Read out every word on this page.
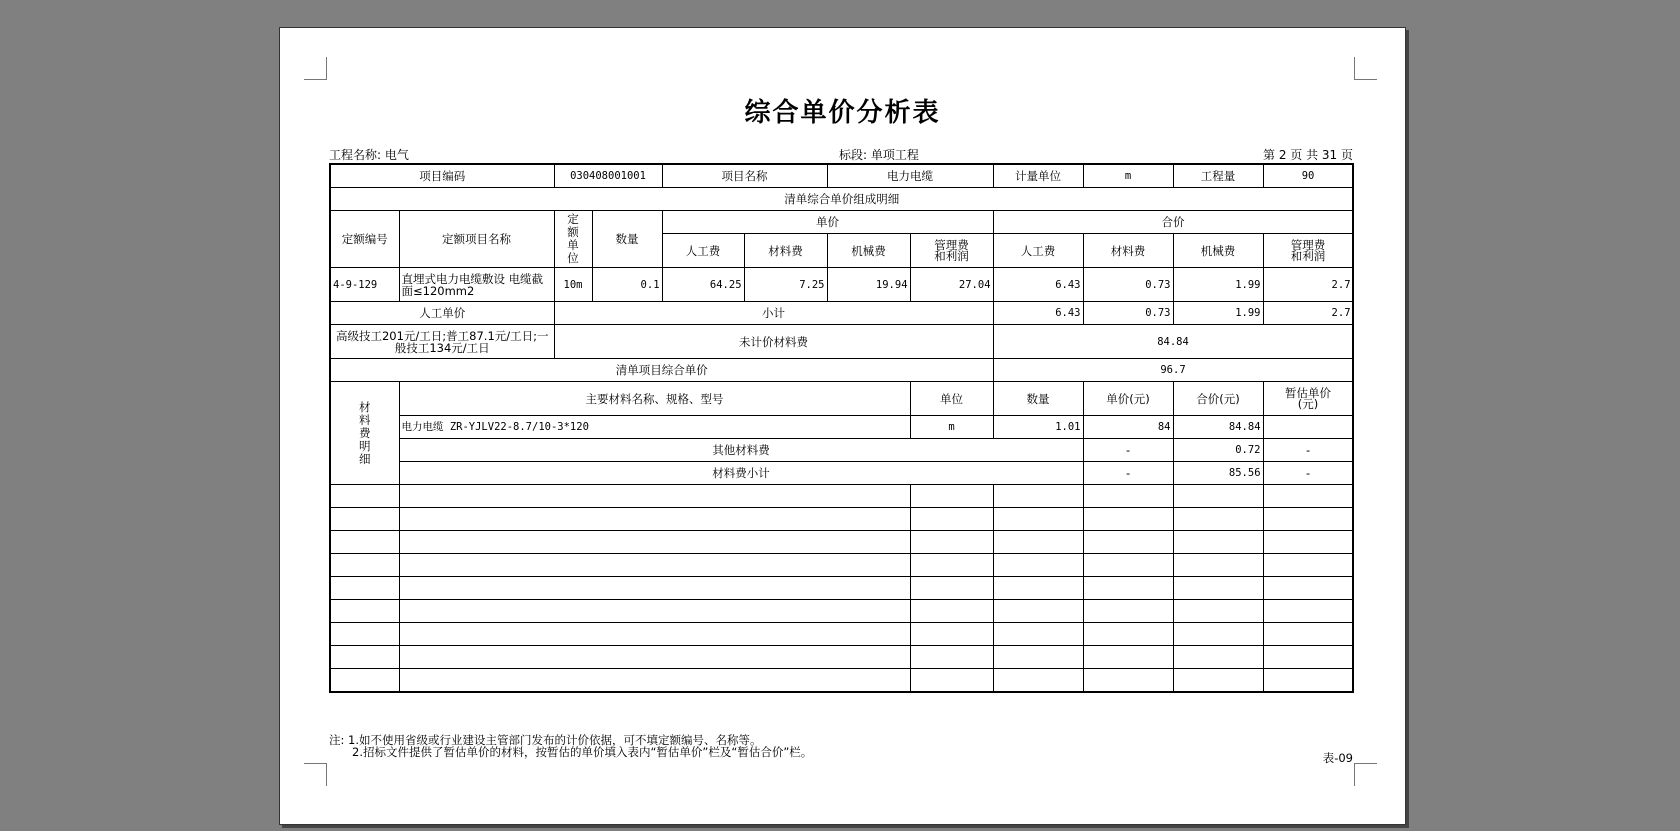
综合单价分析表
工程名称: 电气	标段: 单项工程	第 2 页 共 31 页
项目编码		030408001001		项目名称		电力电缆		计量单位	m	工程量	90	
清单综合单价组成明细												
定额编号	定额项目名称	定额单位	数量	单价				合价				
				人工费	材料费	机械费	管理费和利润	人工费	材料费	机械费	管理费和利润	
4-9-129	直埋式电力电缆敷设 电缆截面≤120mm2	10m	0.1	64.25	7.25	19.94	27.04	6.43	0.73	1.99	2.7	
人工单价		小计						6.43	0.73	1.99	2.7	
高级技工201元/工日;普工87.1元/工日;一般技工134元/工日		未计价材料费						84.84				
清单项目综合单价								96.7				
材料费明细	主要材料名称、规格、型号						单位	数量	单价(元)	合价(元)	暂估单价(元)	
	电力电缆 ZR-YJLV22-8.7/10-3*120						m	1.01	84	84.84		
	其他材料费								-	0.72	-	
	材料费小计								-	85.56	-	

注: 1.如不使用省级或行业建设主管部门发布的计价依据，可不填定额编号、名称等。
2.招标文件提供了暂估单价的材料，按暂估的单价填入表内“暂估单价”栏及“暂估合价”栏。	表-09
